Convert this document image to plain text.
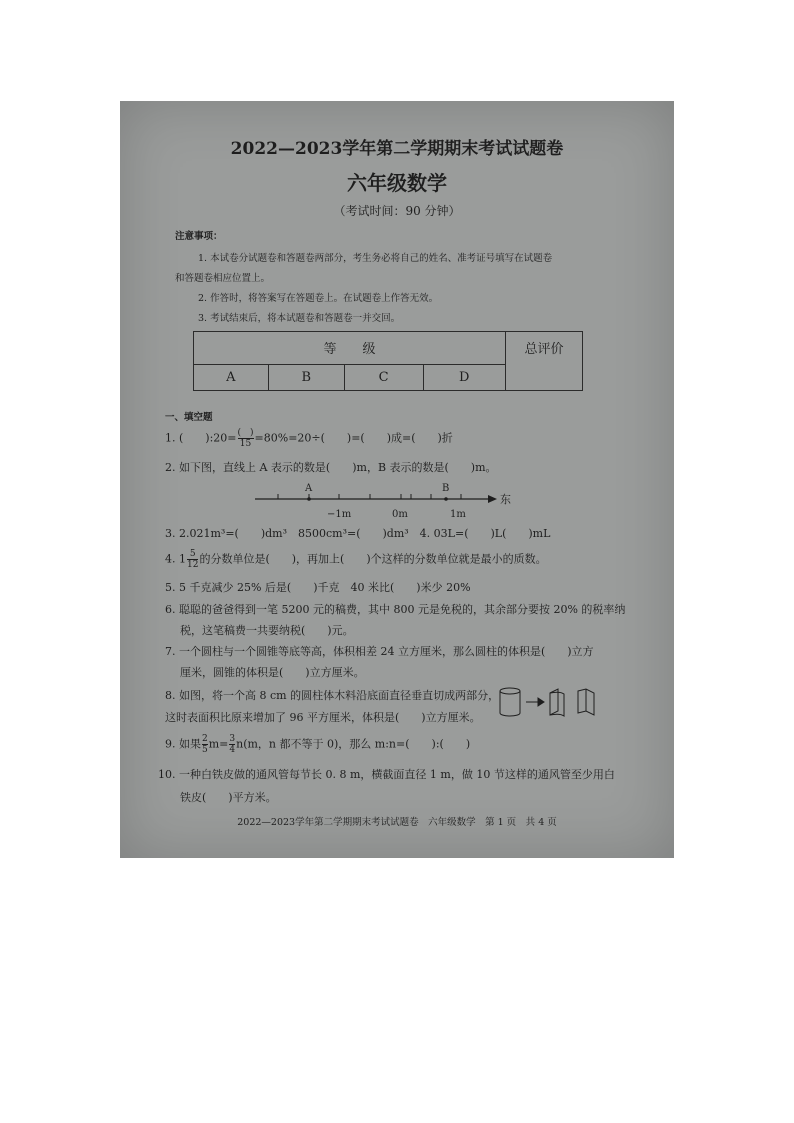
2022—2023学年第二学期期末考试试题卷
六年级数学
（考试时间：90 分钟）
注意事项：
1. 本试卷分试题卷和答题卷两部分，考生务必将自己的姓名、准考证号填写在试题卷
和答题卷相应位置上。
2. 作答时，将答案写在答题卷上。在试题卷上作答无效。
3. 考试结束后，将本试题卷和答题卷一并交回。
等　　级				总评价
A	B	C	D	
一、填空题
1. (　　):20= $\frac{( )}{15} =80\%=20\div$(　　)=(　　)成=(　　)折
2. 如下图，直线上 A 表示的数是(　　)m，B 表示的数是(　　)m。
A	B
东
−1m	0m	1m
3. 2.021m³=(　　)dm³　8500cm³=(　　)dm³　4. 03L=(　　)L(　　)mL
4. $1 \frac{5}{12}$ 的分数单位是(　　)，再加上(　　)个这样的分数单位就是最小的质数。
5. 5 千克减少 25% 后是(　　)千克　40 米比(　　)米少 20%
6. 聪聪的爸爸得到一笔 5200 元的稿费，其中 800 元是免税的，其余部分要按 20% 的税率纳
税，这笔稿费一共要纳税(　　)元。
7. 一个圆柱与一个圆锥等底等高，体积相差 24 立方厘米，那么圆柱的体积是(　　)立方
厘米，圆锥的体积是(　　)立方厘米。
8. 如图，将一个高 8 cm 的圆柱体木料沿底面直径垂直切成两部分，
这时表面积比原来增加了 96 平方厘米，体积是(　　)立方厘米。
9. 如果 $\frac{2}{5} m= \frac{3}{4} n(m$，n 都不等于 0)，那么 m:n=(　　):(　　)
10. 一种白铁皮做的通风管每节长 0. 8 m，横截面直径 1 m，做 10 节这样的通风管至少用白
铁皮(　　)平方米。
2022—2023学年第二学期期末考试试题卷　六年级数学　第 1 页　共 4 页
